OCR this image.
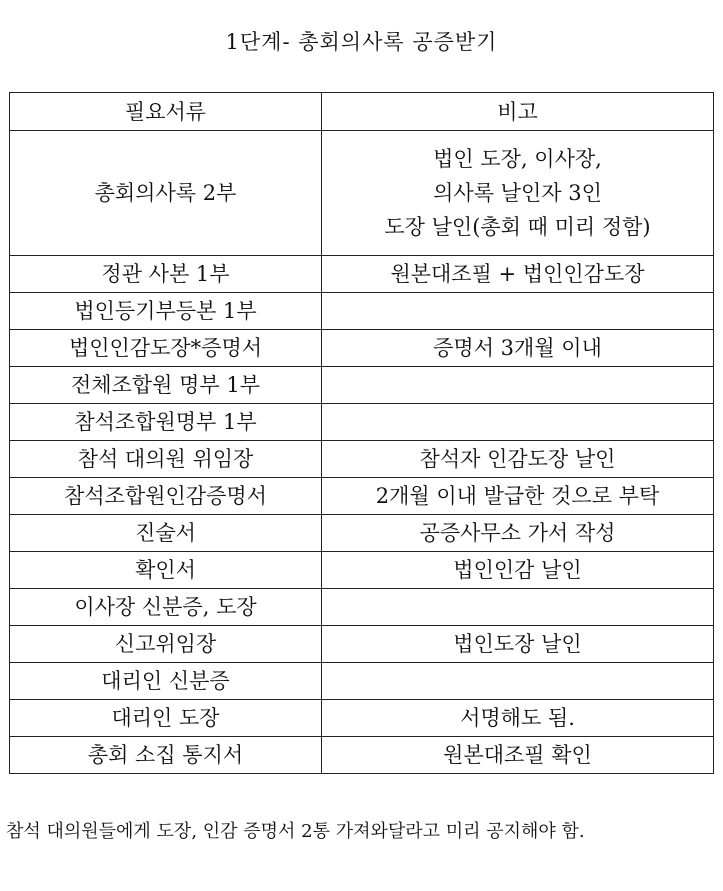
1단계- 총회의사록 공증받기
필요서류	비고
총회의사록 2부	법인 도장, 이사장,
의사록 날인자 3인
도장 날인(총회 때 미리 정함)

정관 사본 1부	원본대조필 + 법인인감도장
법인등기부등본 1부	
법인인감도장*증명서	증명서 3개월 이내
전체조합원 명부 1부	
참석조합원명부 1부	
참석 대의원 위임장	참석자 인감도장 날인
참석조합원인감증명서	2개월 이내 발급한 것으로 부탁
진술서	공증사무소 가서 작성
확인서	법인인감 날인
이사장 신분증, 도장	
신고위임장	법인도장 날인
대리인 신분증	
대리인 도장	서명해도 됨.
총회 소집 통지서	원본대조필 확인
참석 대의원들에게 도장, 인감 증명서 2통 가져와달라고 미리 공지해야 함.
